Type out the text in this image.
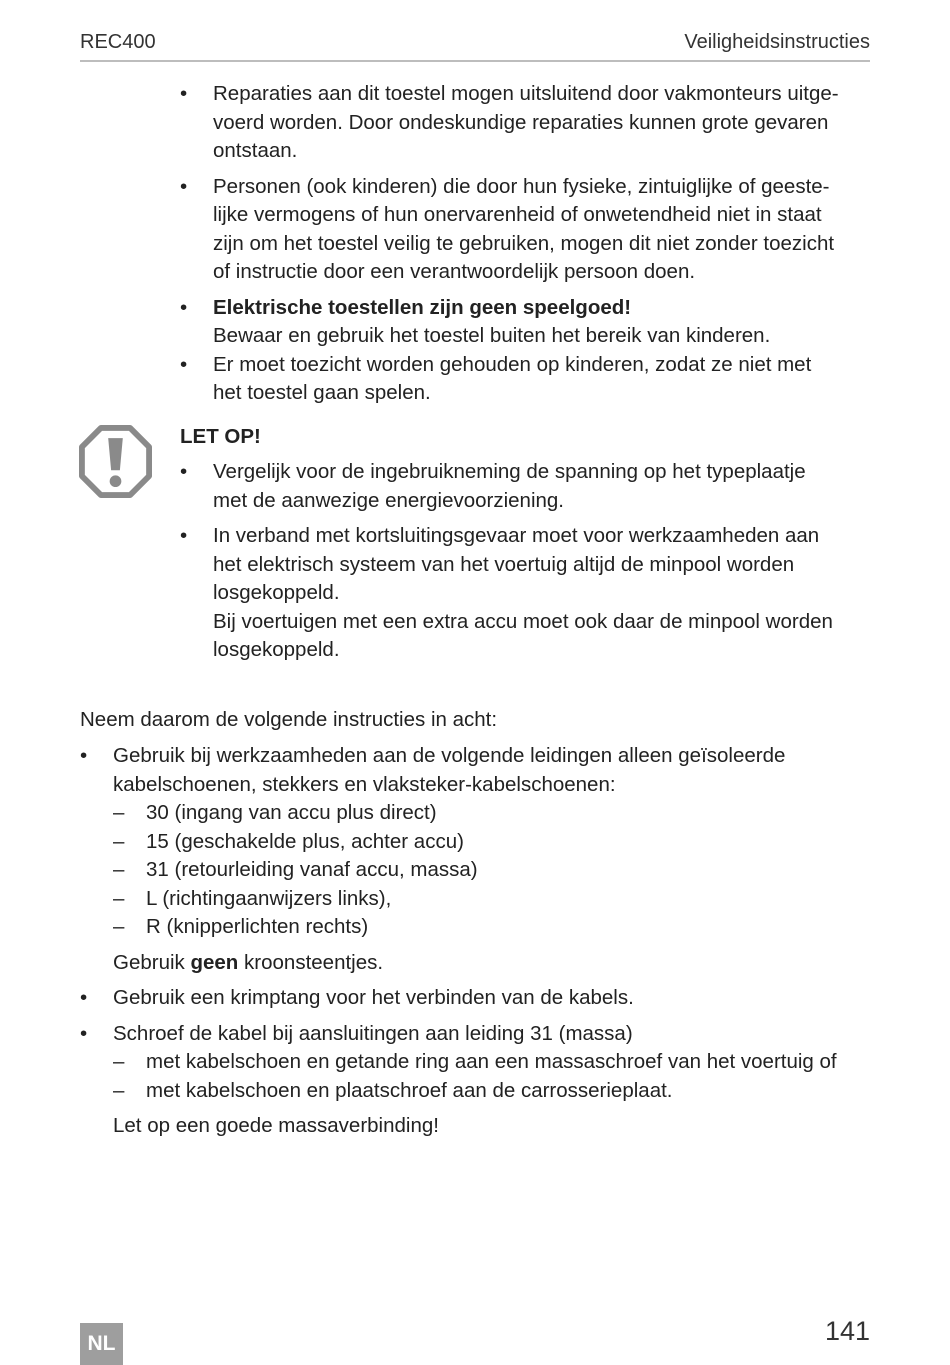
REC400	Veiligheidsinstructies
•	Reparaties aan dit toestel mogen uitsluitend door vakmonteurs uitge-
voerd worden. Door ondeskundige reparaties kunnen grote gevaren
ontstaan.
•	Personen (ook kinderen) die door hun fysieke, zintuiglijke of geeste-
lijke vermogens of hun onervarenheid of onwetendheid niet in staat
zijn om het toestel veilig te gebruiken, mogen dit niet zonder toezicht
of instructie door een verantwoordelijk persoon doen.
•	Elektrische toestellen zijn geen speelgoed!
Bewaar en gebruik het toestel buiten het bereik van kinderen.
•	Er moet toezicht worden gehouden op kinderen, zodat ze niet met
het toestel gaan spelen.
LET OP!
•	Vergelijk voor de ingebruikneming de spanning op het typeplaatje
met de aanwezige energievoorziening.
•	In verband met kortsluitingsgevaar moet voor werkzaamheden aan
het elektrisch systeem van het voertuig altijd de minpool worden
losgekoppeld.
Bij voertuigen met een extra accu moet ook daar de minpool worden
losgekoppeld.
Neem daarom de volgende instructies in acht:
•	Gebruik bij werkzaamheden aan de volgende leidingen alleen geïsoleerde
kabelschoenen, stekkers en vlaksteker-kabelschoenen:
– 30 (ingang van accu plus direct)
– 15 (geschakelde plus, achter accu)
– 31 (retourleiding vanaf accu, massa)
– L (richtingaanwijzers links),
– R (knipperlichten rechts)
Gebruik geen kroonsteentjes.
•	Gebruik een krimptang voor het verbinden van de kabels.
•	Schroef de kabel bij aansluitingen aan leiding 31 (massa)
– met kabelschoen en getande ring aan een massaschroef van het voertuig of
– met kabelschoen en plaatschroef aan de carrosserieplaat.
Let op een goede massaverbinding!
NL	141
